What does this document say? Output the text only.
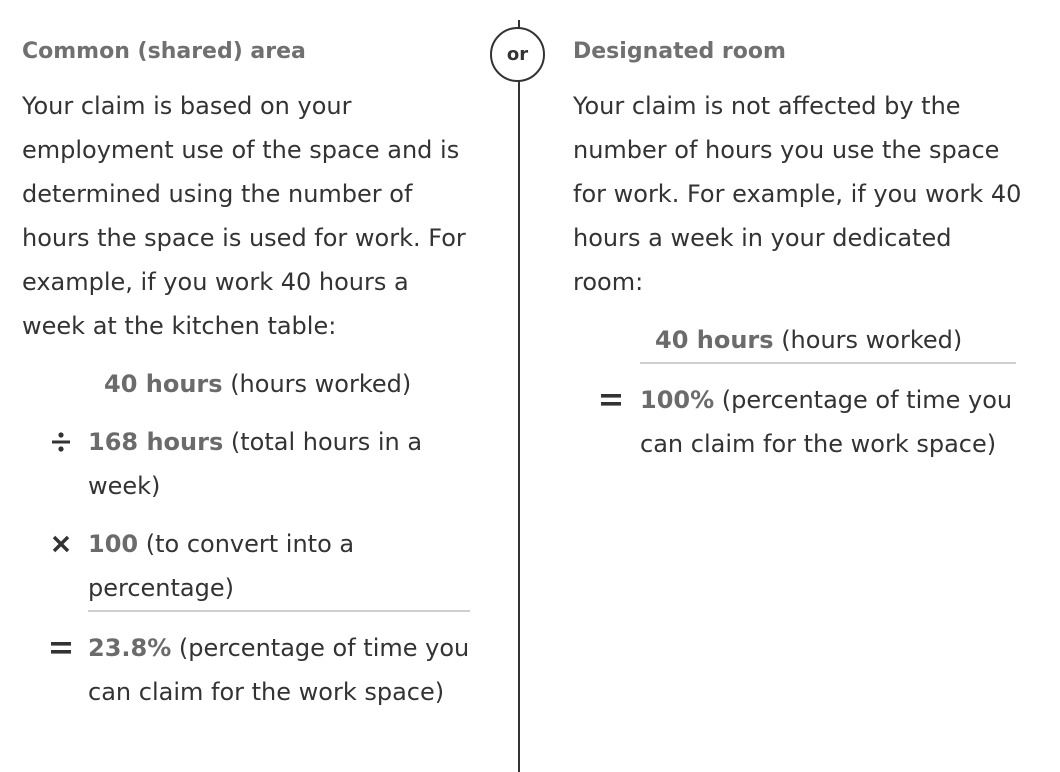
Common (shared) area

Your claim is based on your employment use of the space and is determined using the number of hours the space is used for work. For example, if you work 40 hours a week at the kitchen table:

40 hours (hours worked)
168 hours (total hours in a week)
100 (to convert into a percentage)
23.8% (percentage of time you can claim for the work space)
or	Designated room

Your claim is not affected by the number of hours you use the space for work. For example, if you work 40 hours a week in your dedicated room:

40 hours (hours worked)
100% (percentage of time you can claim for the work space)
